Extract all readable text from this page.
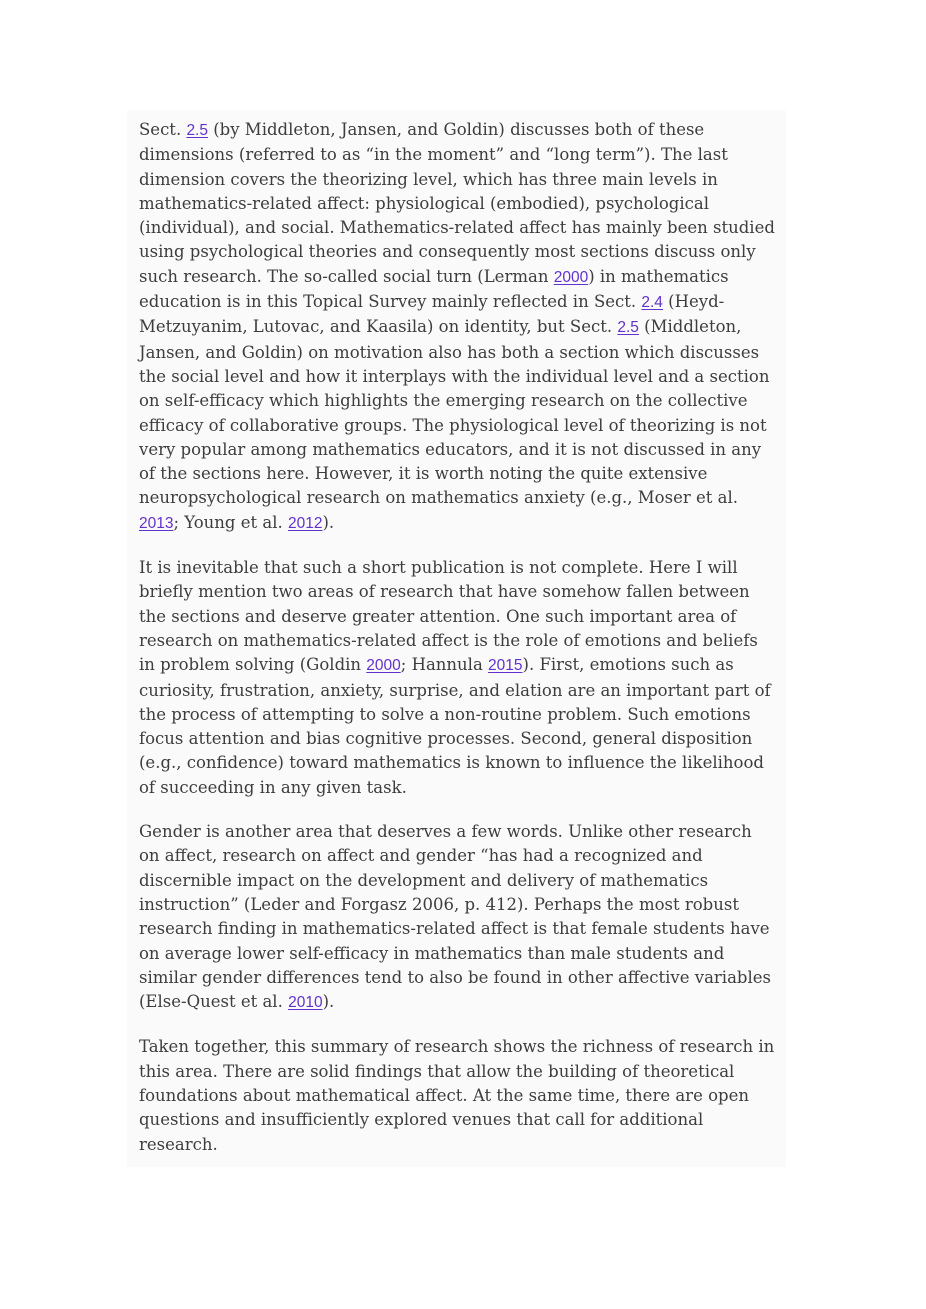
Sect. 2.5 (by Middleton, Jansen, and Goldin) discusses both of these dimensions (referred to as “in the moment” and “long term”). The last dimension covers the theorizing level, which has three main levels in mathematics-related affect: physiological (embodied), psychological (individual), and social. Mathematics-related affect has mainly been studied using psychological theories and consequently most sections discuss only such research. The so-called social turn (Lerman 2000) in mathematics education is in this Topical Survey mainly reflected in Sect. 2.4 (Heyd-Metzuyanim, Lutovac, and Kaasila) on identity, but Sect. 2.5 (Middleton, Jansen, and Goldin) on motivation also has both a section which discusses the social level and how it interplays with the individual level and a section on self-efficacy which highlights the emerging research on the collective efficacy of collaborative groups. The physiological level of theorizing is not very popular among mathematics educators, and it is not discussed in any of the sections here. However, it is worth noting the quite extensive neuropsychological research on mathematics anxiety (e.g., Moser et al. 2013; Young et al. 2012).

It is inevitable that such a short publication is not complete. Here I will briefly mention two areas of research that have somehow fallen between the sections and deserve greater attention. One such important area of research on mathematics-related affect is the role of emotions and beliefs in problem solving (Goldin 2000; Hannula 2015). First, emotions such as curiosity, frustration, anxiety, surprise, and elation are an important part of the process of attempting to solve a non-routine problem. Such emotions focus attention and bias cognitive processes. Second, general disposition (e.g., confidence) toward mathematics is known to influence the likelihood of succeeding in any given task.

Gender is another area that deserves a few words. Unlike other research on affect, research on affect and gender “has had a recognized and discernible impact on the development and delivery of mathematics instruction” (Leder and Forgasz 2006, p. 412). Perhaps the most robust research finding in mathematics-related affect is that female students have on average lower self-efficacy in mathematics than male students and similar gender differences tend to also be found in other affective variables (Else-Quest et al. 2010).

Taken together, this summary of research shows the richness of research in this area. There are solid findings that allow the building of theoretical foundations about mathematical affect. At the same time, there are open questions and insufficiently explored venues that call for additional research.
